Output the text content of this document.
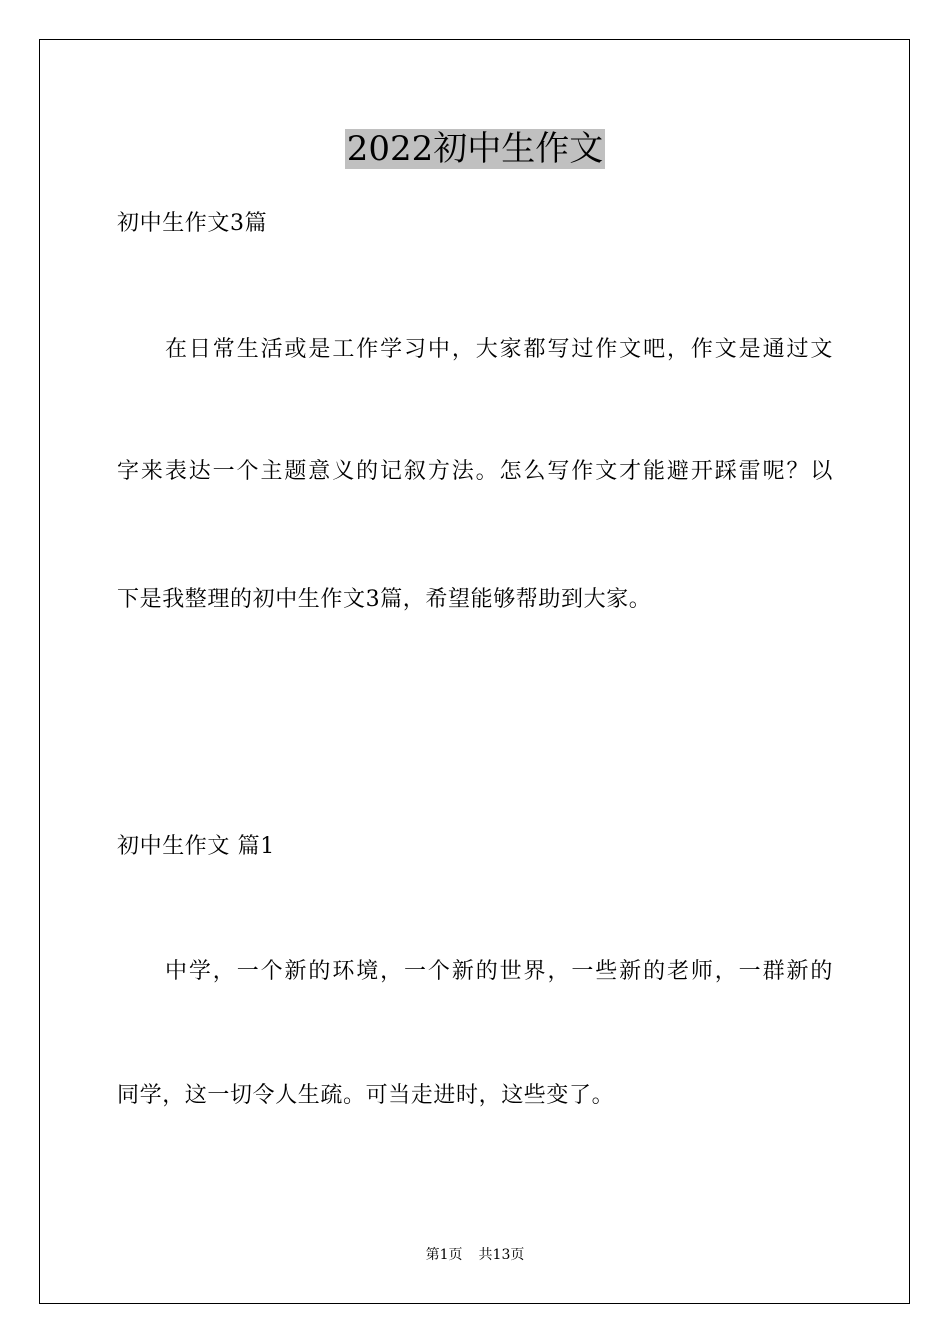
2022初中生作文
初中生作文3篇
在日常生活或是工作学习中，大家都写过作文吧，作文是通过文
字来表达一个主题意义的记叙方法。怎么写作文才能避开踩雷呢？以
下是我整理的初中生作文3篇，希望能够帮助到大家。
初中生作文 篇1
中学，一个新的环境，一个新的世界，一些新的老师，一群新的
同学，这一切令人生疏。可当走进时，这些变了。
第1页 共13页
